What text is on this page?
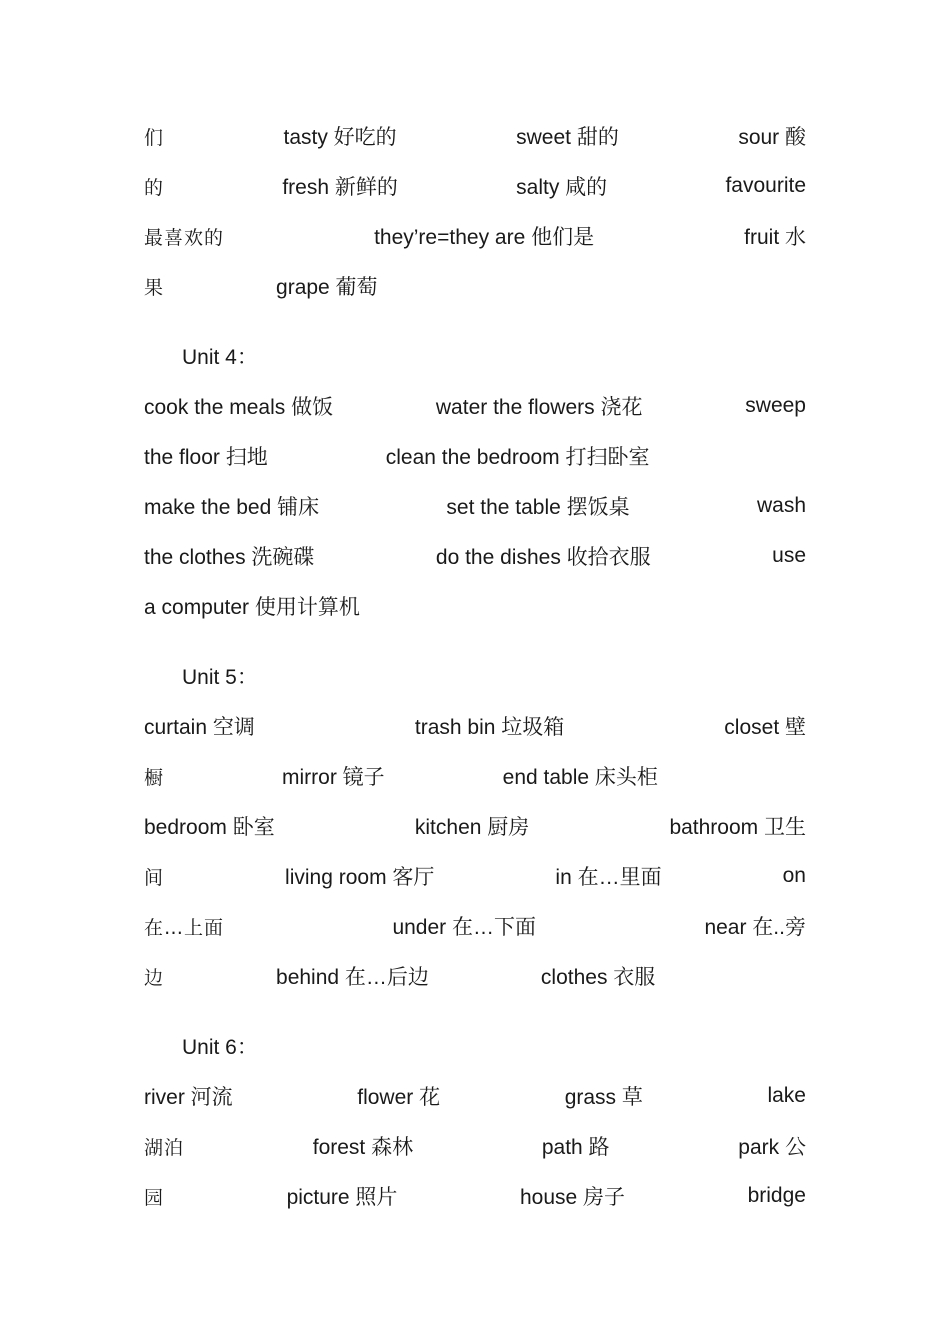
们	tasty 好吃的	sweet 甜的	sour 酸
的	fresh 新鲜的	salty 咸的	favourite
最喜欢的	they’re=they are 他们是	fruit 水
果	grape 葡萄
Unit 4：
cook the meals 做饭	water the flowers 浇花	sweep
the floor 扫地	clean the bedroom 打扫卧室
make the bed 铺床	set the table 摆饭桌	wash
the clothes 洗碗碟	do the dishes 收拾衣服	use
a computer 使用计算机
Unit 5：
curtain 空调	trash bin 垃圾箱	closet 壁
橱	mirror 镜子	end table 床头柜
bedroom 卧室	kitchen 厨房	bathroom 卫生
间	living room 客厅	in 在…里面	on
在…上面	under 在…下面	near 在..旁
边	behind 在…后边	clothes 衣服
Unit 6：
river 河流	flower 花	grass 草	lake
湖泊	forest 森林	path 路	park 公
园	picture 照片	house 房子	bridge
